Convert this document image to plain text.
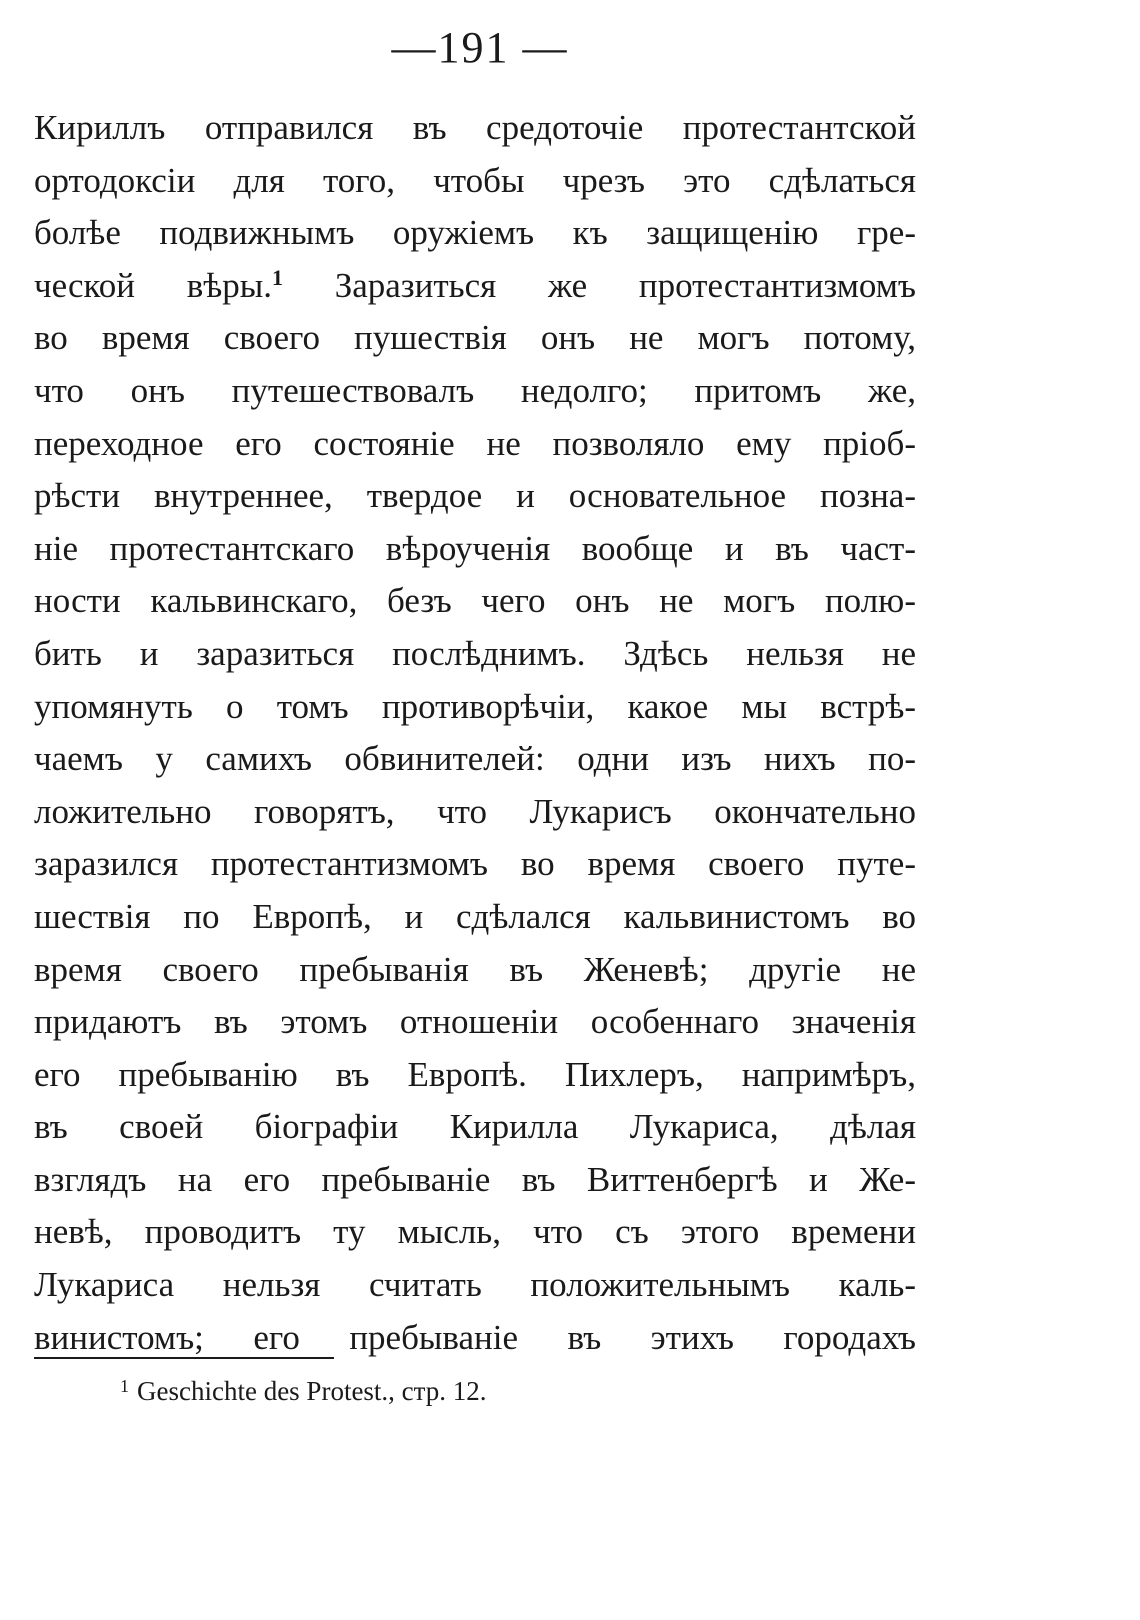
—191 —
Кириллъ отправился въ средоточіе протестантской
ортодоксіи для того, чтобы чрезъ это сдѣлаться
болѣе подвижнымъ оружіемъ къ защищенію гре-
ческой вѣры.$^1$ Заразиться же протестантизмомъ
во время своего пушествія онъ не могъ потому,
что онъ путешествовалъ недолго; притомъ же,
переходное его состояніе не позволяло ему пріоб-
рѣсти внутреннее, твердое и основательное позна-
ніе протестантскаго вѣроученія вообще и въ част-
ности кальвинскаго, безъ чего онъ не могъ полю-
бить и заразиться послѣднимъ. Здѣсь нельзя не
упомянуть о томъ противорѣчіи, какое мы встрѣ-
чаемъ у самихъ обвинителей: одни изъ нихъ по-
ложительно говорятъ, что Лукарисъ окончательно
заразился протестантизмомъ во время своего путе-
шествія по Европѣ, и сдѣлался кальвинистомъ во
время своего пребыванія въ Женевѣ; другіе не
придаютъ въ этомъ отношеніи особеннаго значенія
его пребыванію въ Европѣ. Пихлеръ, напримѣръ,
въ своей біографіи Кирилла Лукариса, дѣлая
взглядъ на его пребываніе въ Виттенбергѣ и Же-
невѣ, проводитъ ту мысль, что съ этого времени
Лукариса нельзя считать положительнымъ каль-
винистомъ; его пребываніе въ этихъ городахъ
$^1$ Geschichte des Protest., стр. 12.
